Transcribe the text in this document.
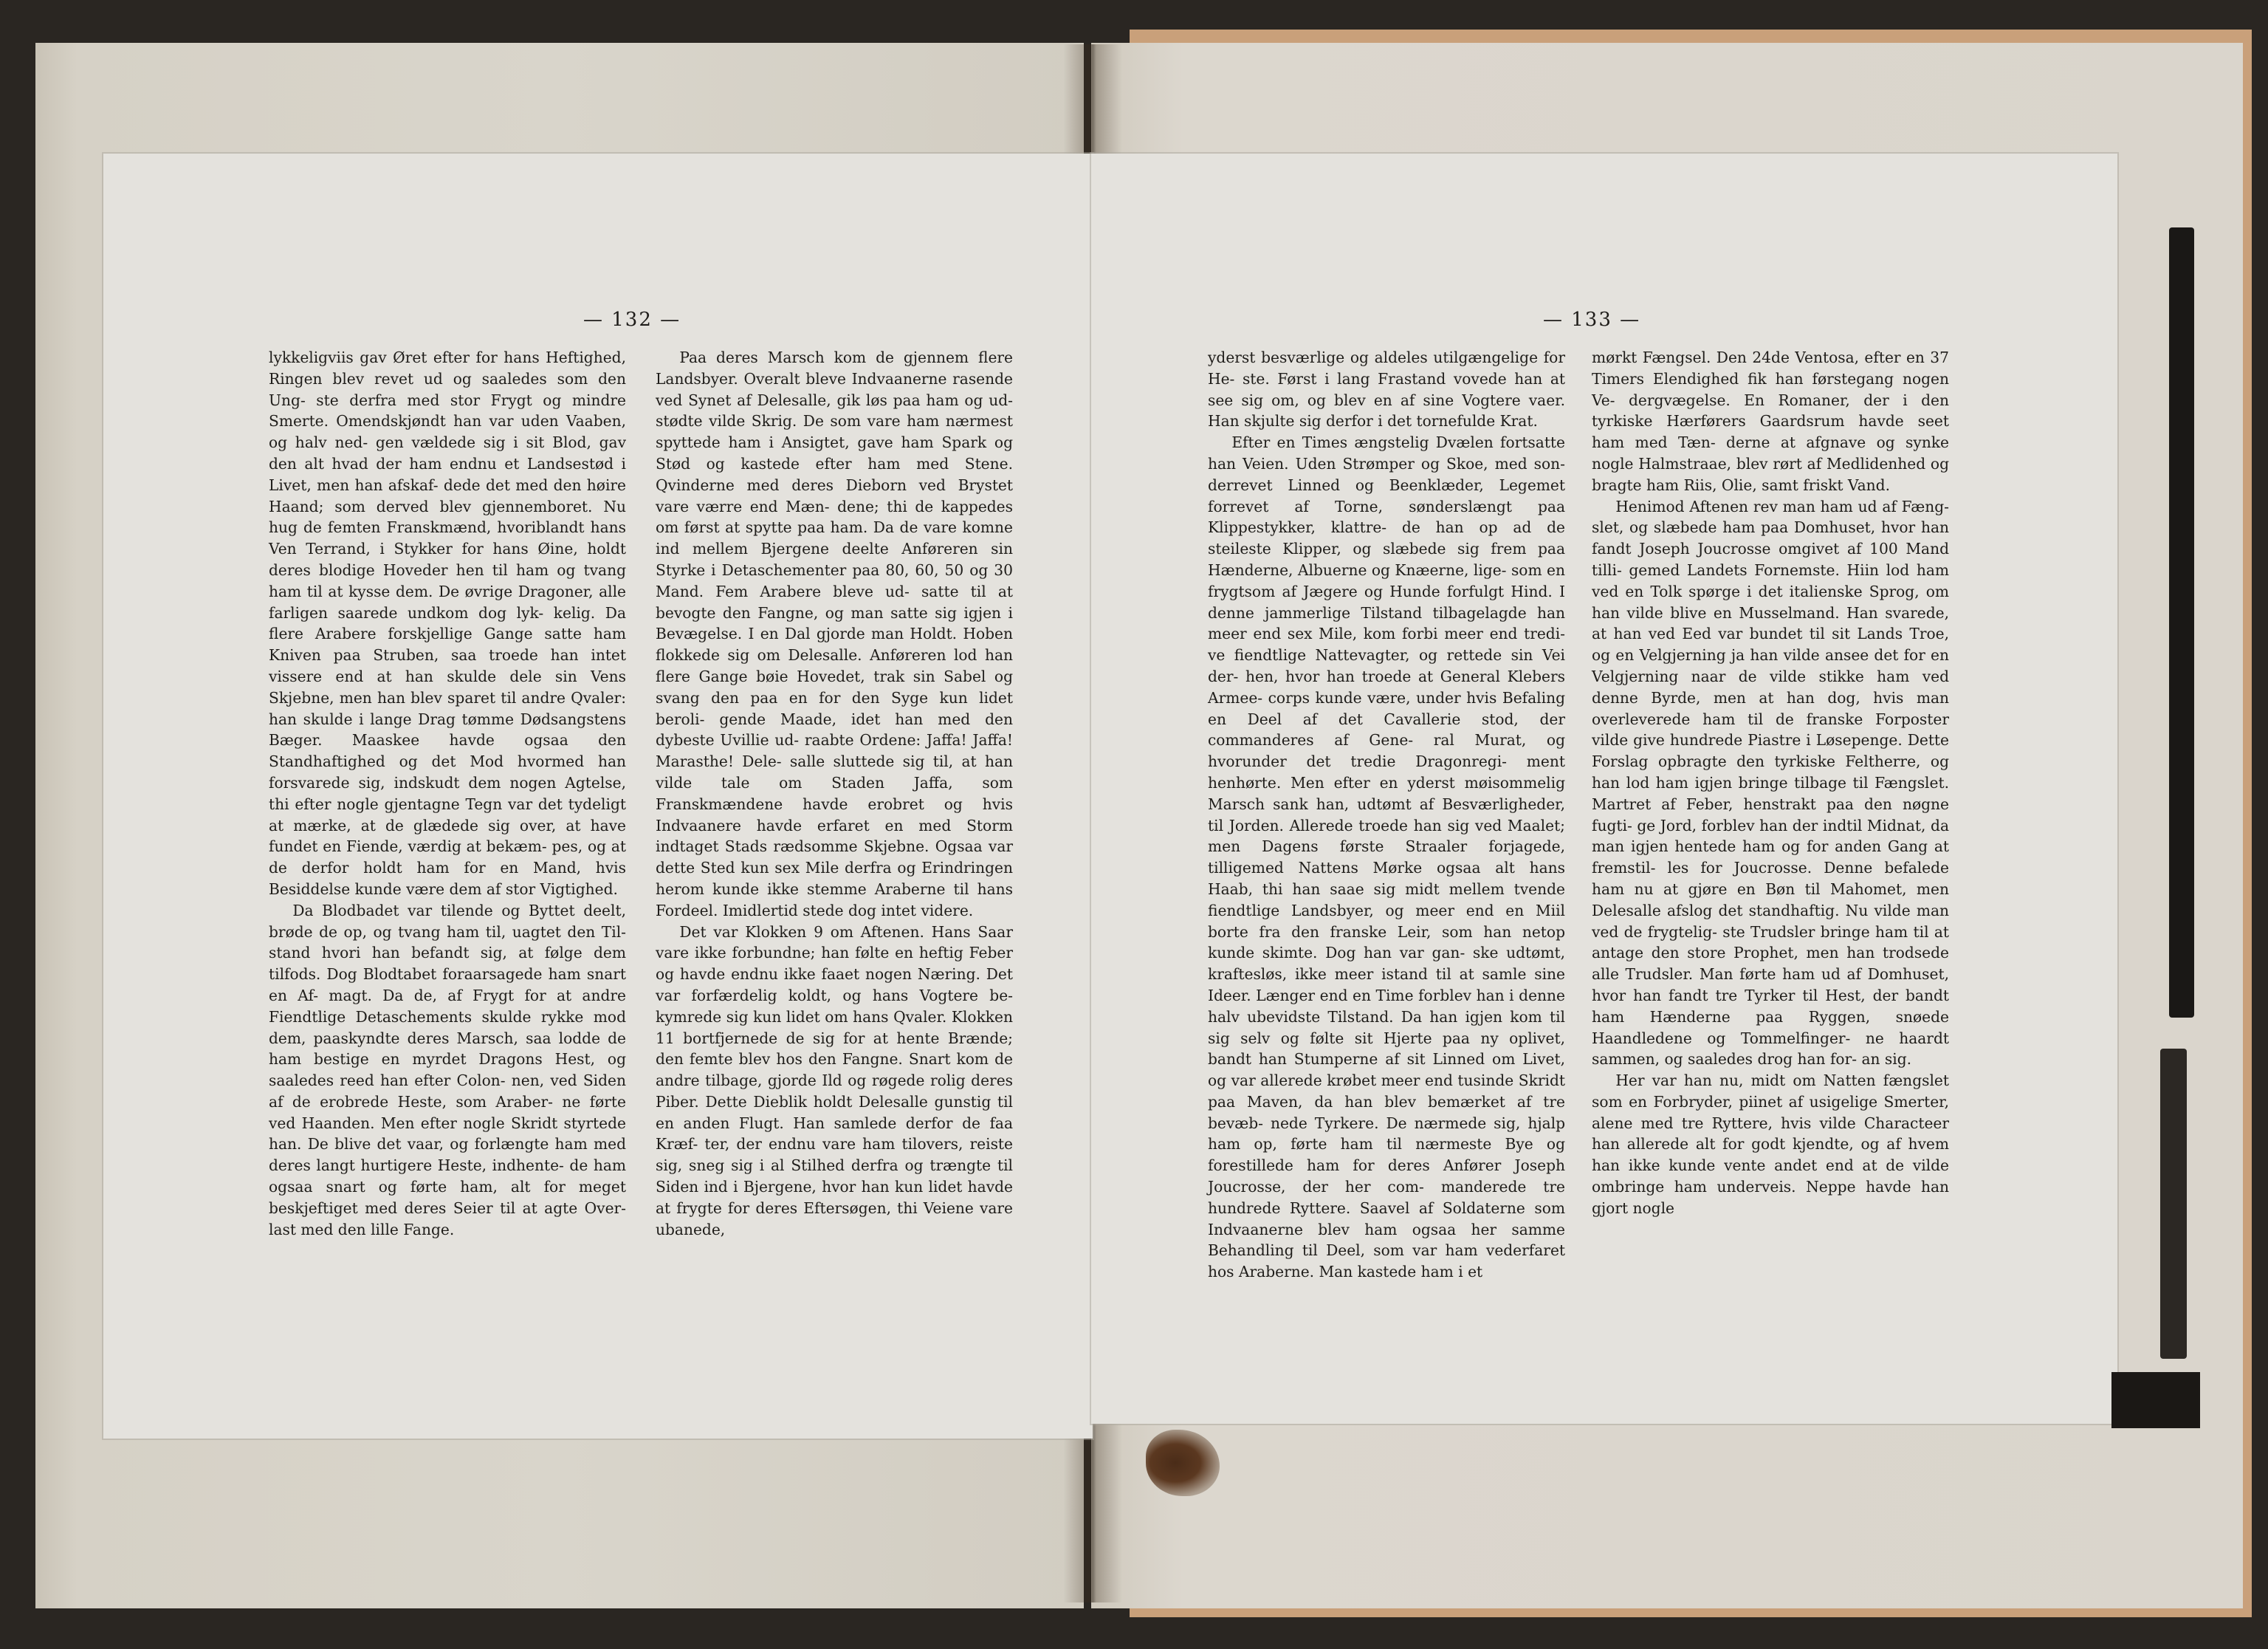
— 132 —

lykkeligviis gav Øret efter for hans Heftighed, Ringen blev revet ud og saaledes som den Ung- ste derfra med stor Frygt og mindre Smerte. Omendskjøndt han var uden Vaaben, og halv ned- gen vældede sig i sit Blod, gav den alt hvad der ham endnu et Landsestød i Livet, men han afskaf- dede det med den høire Haand; som derved blev gjennemboret. Nu hug de femten Franskmænd, hvoriblandt hans Ven Terrand, i Stykker for hans Øine, holdt deres blodige Hoveder hen til ham og tvang ham til at kysse dem. De øvrige Dragoner, alle farligen saarede undkom dog lyk- kelig. Da flere Arabere forskjellige Gange satte ham Kniven paa Struben, saa troede han intet vissere end at han skulde dele sin Vens Skjebne, men han blev sparet til andre Qvaler: han skulde i lange Drag tømme Dødsangstens Bæger. Maaskee havde ogsaa den Standhaftighed og det Mod hvormed han forsvarede sig, indskudt dem nogen Agtelse, thi efter nogle gjentagne Tegn var det tydeligt at mærke, at de glædede sig over, at have fundet en Fiende, værdig at bekæm- pes, og at de derfor holdt ham for en Mand, hvis Besiddelse kunde være dem af stor Vigtighed.

Da Blodbadet var tilende og Byttet deelt, brøde de op, og tvang ham til, uagtet den Til- stand hvori han befandt sig, at følge dem tilfods. Dog Blodtabet foraarsagede ham snart en Af- magt. Da de, af Frygt for at andre Fiendtlige Detaschements skulde rykke mod dem, paaskyndte deres Marsch, saa lodde de ham bestige en myrdet Dragons Hest, og saaledes reed han efter Colon- nen, ved Siden af de erobrede Heste, som Araber- ne førte ved Haanden. Men efter nogle Skridt styrtede han. De blive det vaar, og forlængte ham med deres langt hurtigere Heste, indhente- de ham ogsaa snart og førte ham, alt for meget beskjeftiget med deres Seier til at agte Over- last med den lille Fange.

Paa deres Marsch kom de gjennem flere Landsbyer. Overalt bleve Indvaanerne rasende ved Synet af Delesalle, gik løs paa ham og ud- stødte vilde Skrig. De som vare ham nærmest spyttede ham i Ansigtet, gave ham Spark og Stød og kastede efter ham med Stene. Qvinderne med deres Dieborn ved Brystet vare værre end Mæn- dene; thi de kappedes om først at spytte paa ham. Da de vare komne ind mellem Bjergene deelte Anføreren sin Styrke i Detaschementer paa 80, 60, 50 og 30 Mand. Fem Arabere bleve ud- satte til at bevogte den Fangne, og man satte sig igjen i Bevægelse. I en Dal gjorde man Holdt. Hoben flokkede sig om Delesalle. Anføreren lod han flere Gange bøie Hovedet, trak sin Sabel og svang den paa en for den Syge kun lidet beroli- gende Maade, idet han med den dybeste Uvillie ud- raabte Ordene: Jaffa! Jaffa! Marasthe! Dele- salle sluttede sig til, at han vilde tale om Staden Jaffa, som Franskmændene havde erobret og hvis Indvaanere havde erfaret en med Storm indtaget Stads rædsomme Skjebne. Ogsaa var dette Sted kun sex Mile derfra og Erindringen herom kunde ikke stemme Araberne til hans Fordeel. Imidlertid stede dog intet videre.

Det var Klokken 9 om Aftenen. Hans Saar vare ikke forbundne; han følte en heftig Feber og havde endnu ikke faaet nogen Næring. Det var forfærdelig koldt, og hans Vogtere be- kymrede sig kun lidet om hans Qvaler. Klokken 11 bortfjernede de sig for at hente Brænde; den femte blev hos den Fangne. Snart kom de andre tilbage, gjorde Ild og røgede rolig deres Piber. Dette Dieblik holdt Delesalle gunstig til en anden Flugt. Han samlede derfor de faa Kræf- ter, der endnu vare ham tilovers, reiste sig, sneg sig i al Stilhed derfra og trængte til Siden ind i Bjergene, hvor han kun lidet havde at frygte for deres Eftersøgen, thi Veiene vare ubanede,

— 133 —

yderst besværlige og aldeles utilgængelige for He- ste. Først i lang Frastand vovede han at see sig om, og blev en af sine Vogtere vaer. Han skjulte sig derfor i det tornefulde Krat.

Efter en Times ængstelig Dvælen fortsatte han Veien. Uden Strømper og Skoe, med son- derrevet Linned og Beenklæder, Legemet forrevet af Torne, sønderslængt paa Klippestykker, klattre- de han op ad de steileste Klipper, og slæbede sig frem paa Hænderne, Albuerne og Knæerne, lige- som en frygtsom af Jægere og Hunde forfulgt Hind. I denne jammerlige Tilstand tilbagelagde han meer end sex Mile, kom forbi meer end tredi- ve fiendtlige Nattevagter, og rettede sin Vei der- hen, hvor han troede at General Klebers Armee- corps kunde være, under hvis Befaling en Deel af det Cavallerie stod, der commanderes af Gene- ral Murat, og hvorunder det tredie Dragonregi- ment henhørte. Men efter en yderst møisommelig Marsch sank han, udtømt af Besværligheder, til Jorden. Allerede troede han sig ved Maalet; men Dagens første Straaler forjagede, tilligemed Nattens Mørke ogsaa alt hans Haab, thi han saae sig midt mellem tvende fiendtlige Landsbyer, og meer end en Miil borte fra den franske Leir, som han netop kunde skimte. Dog han var gan- ske udtømt, kraftesløs, ikke meer istand til at samle sine Ideer. Længer end en Time forblev han i denne halv ubevidste Tilstand. Da han igjen kom til sig selv og følte sit Hjerte paa ny oplivet, bandt han Stumperne af sit Linned om Livet, og var allerede krøbet meer end tusinde Skridt paa Maven, da han blev bemærket af tre bevæb- nede Tyrkere. De nærmede sig, hjalp ham op, førte ham til nærmeste Bye og forestillede ham for deres Anfører Joseph Joucrosse, der her com- manderede tre hundrede Ryttere. Saavel af Soldaterne som Indvaanerne blev ham ogsaa her samme Behandling til Deel, som var ham vederfaret hos Araberne. Man kastede ham i et

mørkt Fængsel. Den 24de Ventosa, efter en 37 Timers Elendighed fik han førstegang nogen Ve- dergvægelse. En Romaner, der i den tyrkiske Hærførers Gaardsrum havde seet ham med Tæn- derne at afgnave og synke nogle Halmstraae, blev rørt af Medlidenhed og bragte ham Riis, Olie, samt friskt Vand.

Henimod Aftenen rev man ham ud af Fæng- slet, og slæbede ham paa Domhuset, hvor han fandt Joseph Joucrosse omgivet af 100 Mand tilli- gemed Landets Fornemste. Hiin lod ham ved en Tolk spørge i det italienske Sprog, om han vilde blive en Musselmand. Han svarede, at han ved Eed var bundet til sit Lands Troe, og en Velgjerning ja han vilde ansee det for en Velgjerning naar de vilde stikke ham ved denne Byrde, men at han dog, hvis man overleverede ham til de franske Forposter vilde give hundrede Piastre i Løsepenge. Dette Forslag opbragte den tyrkiske Feltherre, og han lod ham igjen bringe tilbage til Fængslet. Martret af Feber, henstrakt paa den nøgne fugti- ge Jord, forblev han der indtil Midnat, da man igjen hentede ham og for anden Gang at fremstil- les for Joucrosse. Denne befalede ham nu at gjøre en Bøn til Mahomet, men Delesalle afslog det standhaftig. Nu vilde man ved de frygtelig- ste Trudsler bringe ham til at antage den store Prophet, men han trodsede alle Trudsler. Man førte ham ud af Domhuset, hvor han fandt tre Tyrker til Hest, der bandt ham Hænderne paa Ryggen, snøede Haandledene og Tommelfinger- ne haardt sammen, og saaledes drog han for- an sig.

Her var han nu, midt om Natten fængslet som en Forbryder, piinet af usigelige Smerter, alene med tre Ryttere, hvis vilde Characteer han allerede alt for godt kjendte, og af hvem han ikke kunde vente andet end at de vilde ombringe ham underveis. Neppe havde han gjort nogle
